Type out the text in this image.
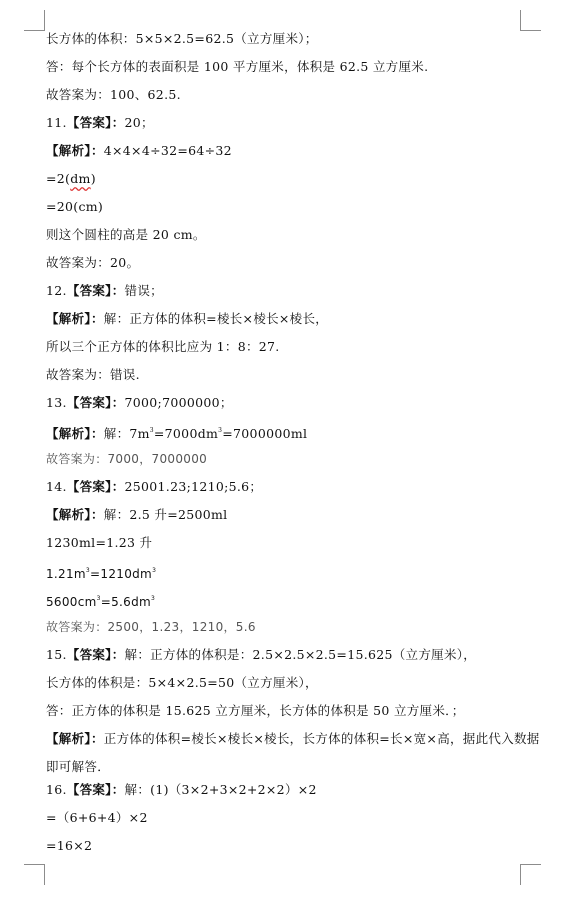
长方体的体积：5×5×2.5=62.5（立方厘米）；
答：每个长方体的表面积是 100 平方厘米，体积是 62.5 立方厘米.
故答案为：100、62.5.
11.【答案】：20；
【解析】：4×4×4÷32=64÷32
=2(dm)
=20(cm)
则这个圆柱的高是 20 cm。
故答案为：20。
12.【答案】：错误；
【解析】：解：正方体的体积=棱长×棱长×棱长，
所以三个正方体的体积比应为 1：8：27.
故答案为：错误.
13.【答案】：7000;7000000；
【解析】：解：$7m^3=7000dm^3=7000000ml$
故答案为：7000，7000000
14.【答案】：25001.23;1210;5.6；
【解析】：解：2.5 升=2500ml
1230ml=1.23 升
$1.21m^3=1210dm^3$
$5600cm^3=5.6dm^3$
故答案为：2500，1.23，1210，5.6
15.【答案】：解：正方体的体积是：2.5×2.5×2.5=15.625（立方厘米），
长方体的体积是：5×4×2.5=50（立方厘米），
答：正方体的体积是 15.625 立方厘米，长方体的体积是 50 立方厘米．；
【解析】：正方体的体积=棱长×棱长×棱长，长方体的体积=长×宽×高，据此代入数据即可解答．
16.【答案】：解：(1)（3×2+3×2+2×2）×2
=（6+6+4）×2
=16×2
